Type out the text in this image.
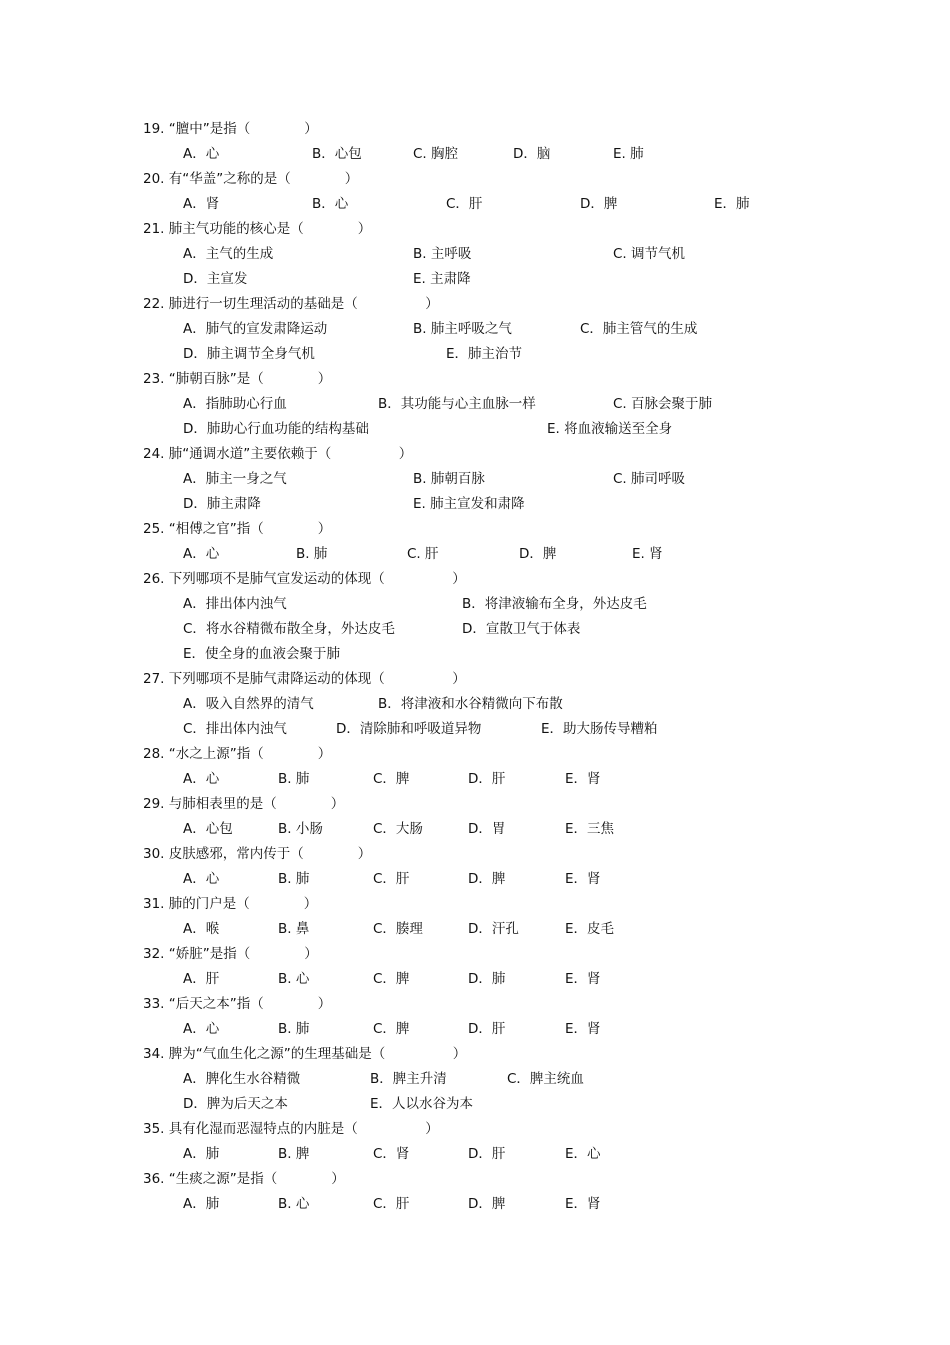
19. “膻中”是指（　　　　）
A．心	B．心包	C. 胸腔	D．脑	E. 肺
20. 有“华盖”之称的是（　　　　）
A．肾	B．心	C．肝	D．脾	E．肺
21. 肺主气功能的核心是（　　　　）
A．主气的生成	B. 主呼吸	C. 调节气机
D．主宣发	E. 主肃降
22. 肺进行一切生理活动的基础是（　　　　　）
A．肺气的宣发肃降运动	B. 肺主呼吸之气	C．肺主管气的生成
D．肺主调节全身气机	E．肺主治节
23. “肺朝百脉”是（　　　　）
A．指肺助心行血	B．其功能与心主血脉一样	C. 百脉会聚于肺
D．肺助心行血功能的结构基础	E. 将血液输送至全身
24. 肺“通调水道”主要依赖于（　　　　　）
A．肺主一身之气	B. 肺朝百脉	C. 肺司呼吸
D．肺主肃降	E. 肺主宣发和肃降
25. “相傅之官”指（　　　　）
A．心	B. 肺	C. 肝	D．脾	E. 肾
26. 下列哪项不是肺气宣发运动的体现（　　　　　）
A．排出体内浊气	B．将津液输布全身，外达皮毛
C．将水谷精微布散全身，外达皮毛	D．宣散卫气于体表
E．使全身的血液会聚于肺
27. 下列哪项不是肺气肃降运动的体现（　　　　　）
A．吸入自然界的清气	B．将津液和水谷精微向下布散
C．排出体内浊气	D．清除肺和呼吸道异物	E．助大肠传导糟粕
28. “水之上源”指（　　　　）
A．心	B. 肺	C．脾	D．肝	E．肾
29. 与肺相表里的是（　　　　）
A．心包	B. 小肠	C．大肠	D．胃	E．三焦
30. 皮肤感邪，常内传于（　　　　）
A．心	B. 肺	C．肝	D．脾	E．肾
31. 肺的门户是（　　　　）
A．喉	B. 鼻	C．腠理	D．汗孔	E．皮毛
32. “娇脏”是指（　　　　）
A．肝	B. 心	C．脾	D．肺	E．肾
33. “后天之本”指（　　　　）
A．心	B. 肺	C．脾	D．肝	E．肾
34. 脾为“气血生化之源”的生理基础是（　　　　　）
A．脾化生水谷精微	B．脾主升清	C．脾主统血
D．脾为后天之本	E．人以水谷为本
35. 具有化湿而恶湿特点的内脏是（　　　　　）
A．肺	B. 脾	C．肾	D．肝	E．心
36. “生痰之源”是指（　　　　）
A．肺	B. 心	C．肝	D．脾	E．肾
